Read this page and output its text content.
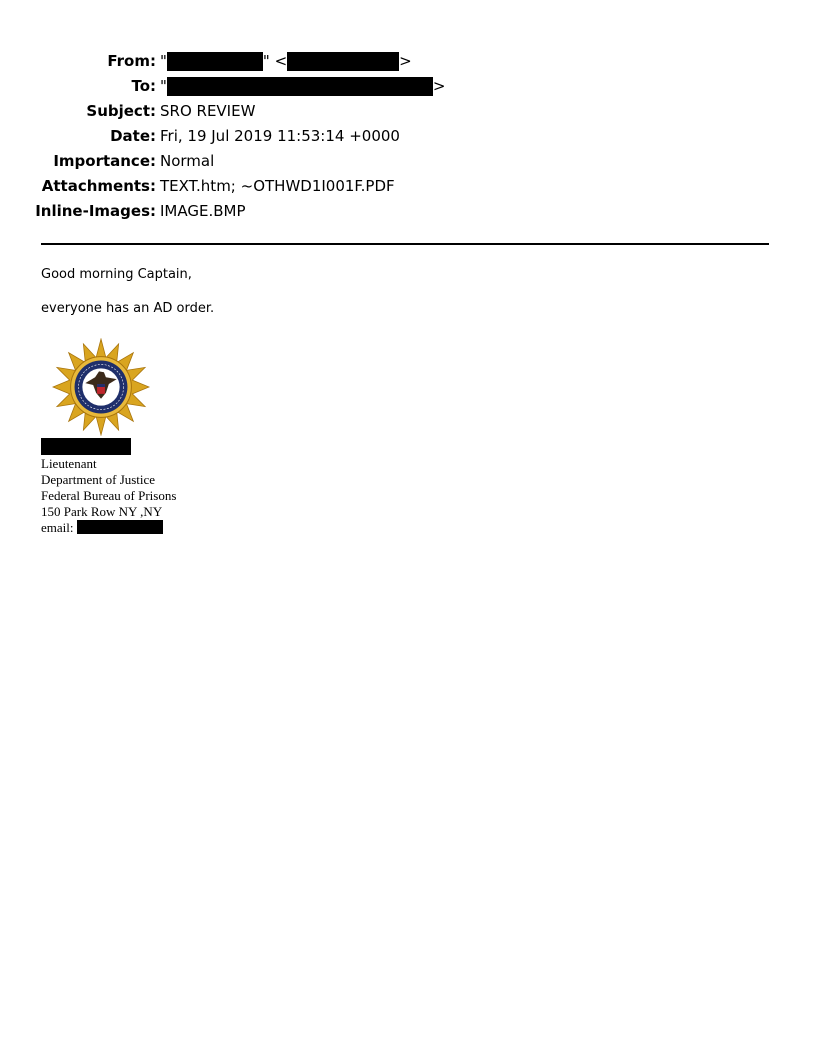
From: "	" <	>
To: "	>
Subject: SRO REVIEW
Date: Fri, 19 Jul 2019 11:53:14 +0000
Importance: Normal
Attachments: TEXT.htm; ~OTHWD1I001F.PDF
Inline-Images: IMAGE.BMP
Good morning Captain,
everyone has an AD order.
Lieutenant
Department of Justice
Federal Bureau of Prisons
150 Park Row NY ,NY
email:
